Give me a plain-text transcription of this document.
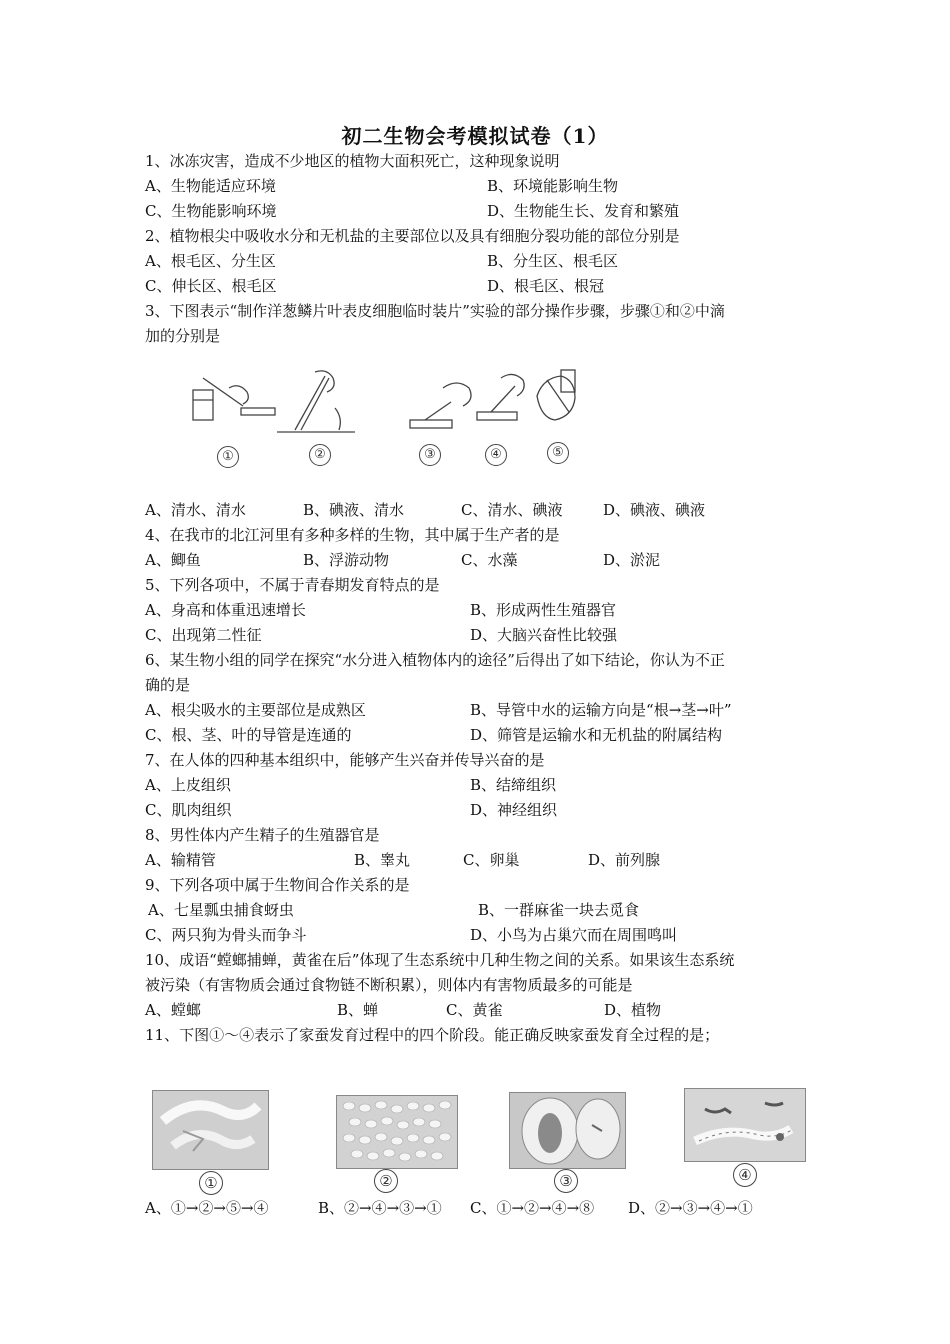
初二生物会考模拟试卷（1）
1、冰冻灾害，造成不少地区的植物大面积死亡，这种现象说明
A、生物能适应环境	B、环境能影响生物
C、生物能影响环境	D、生物能生长、发育和繁殖
2、植物根尖中吸收水分和无机盐的主要部位以及具有细胞分裂功能的部位分别是
A、根毛区、分生区	B、分生区、根毛区
C、伸长区、根毛区	D、根毛区、根冠
3、下图表示“制作洋葱鳞片叶表皮细胞临时装片”实验的部分操作步骤，步骤①和②中滴
加的分别是
①	②	③	④	⑤
A、清水、清水	B、碘液、清水	C、清水、碘液	D、碘液、碘液
4、在我市的北江河里有多种多样的生物，其中属于生产者的是
A、鲫鱼	B、浮游动物	C、水藻	D、淤泥
5、下列各项中，不属于青春期发育特点的是
A、身高和体重迅速增长	B、形成两性生殖器官
C、出现第二性征	D、大脑兴奋性比较强
6、某生物小组的同学在探究“水分进入植物体内的途径”后得出了如下结论，你认为不正
确的是
A、根尖吸水的主要部位是成熟区	B、导管中水的运输方向是“根→茎→叶”
C、根、茎、叶的导管是连通的	D、筛管是运输水和无机盐的附属结构
7、在人体的四种基本组织中，能够产生兴奋并传导兴奋的是
A、上皮组织	B、结缔组织
C、肌肉组织	D、神经组织
8、男性体内产生精子的生殖器官是
A、输精管	B、睾丸	C、卵巢	D、前列腺
9、下列各项中属于生物间合作关系的是
A、七星瓢虫捕食蚜虫	B、一群麻雀一块去觅食
C、两只狗为骨头而争斗	D、小鸟为占巢穴而在周围鸣叫
10、成语“螳螂捕蝉，黄雀在后”体现了生态系统中几种生物之间的关系。如果该生态系统
被污染（有害物质会通过食物链不断积累），则体内有害物质最多的可能是
A、螳螂	B、蝉	C、黄雀	D、植物
11、下图①～④表示了家蚕发育过程中的四个阶段。能正确反映家蚕发育全过程的是；
①	②	③	④
A、①→②→⑤→④	B、②→④→③→① C、①→②→④→⑧ D、②→③→④→①
